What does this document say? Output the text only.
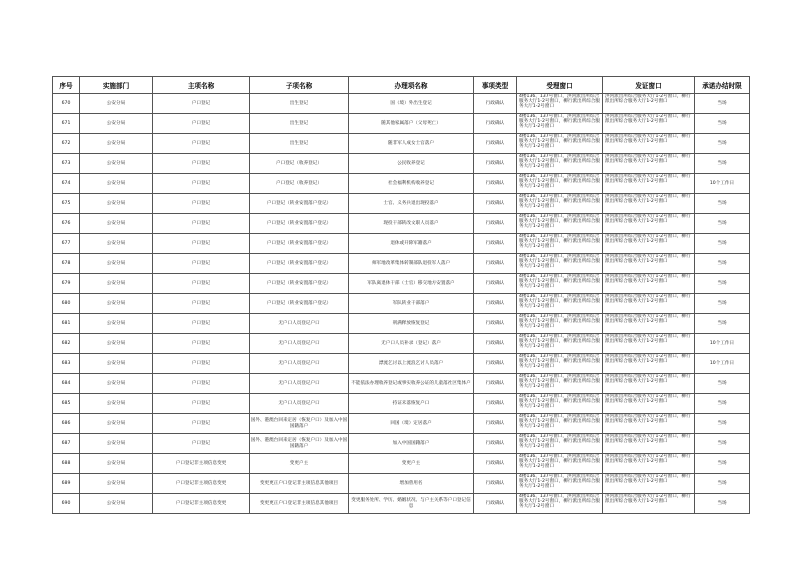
序号	实施部门	主项名称	子项名称	办理项名称	事项类型	受理窗口	发证窗口	承诺办结时限
670	公安分局	户口登记	出生登记	国（境）外出生登记	行政确认	4楼136、137号窗口，洪河派出所综合服务大厅1-2号窗口，柳行派出所综合服务大厅1-2号窗口	洪河派出所综合服务大厅1-2号窗口，柳行派出所综合服务大厅1-2号窗口	当场
671	公安分局	户口登记	出生登记	随其他家属落户（父母死亡）	行政确认	4楼136、137号窗口，洪河派出所综合服务大厅1-2号窗口，柳行派出所综合服务大厅1-2号窗口	洪河派出所综合服务大厅1-2号窗口，柳行派出所综合服务大厅1-2号窗口	当场
672	公安分局	户口登记	出生登记	随非军人成女士官落户	行政确认	4楼136、137号窗口，洪河派出所综合服务大厅1-2号窗口，柳行派出所综合服务大厅1-2号窗口	洪河派出所综合服务大厅1-2号窗口，柳行派出所综合服务大厅1-2号窗口	当场
673	公安分局	户口登记	户口登记（收养登记）	公民收养登记	行政确认	4楼136、137号窗口，洪河派出所综合服务大厅1-2号窗口，柳行派出所综合服务大厅1-2号窗口	洪河派出所综合服务大厅1-2号窗口，柳行派出所综合服务大厅1-2号窗口	当场
674	公安分局	户口登记	户口登记（收养登记）	社会福利机构收养登记	行政确认	4楼136、137号窗口，洪河派出所综合服务大厅1-2号窗口，柳行派出所综合服务大厅1-2号窗口	洪河派出所综合服务大厅1-2号窗口，柳行派出所综合服务大厅1-2号窗口	10个工作日
675	公安分局	户口登记	户口登记（转业安置落户登记）	士官、义务兵退出现役落户	行政确认	4楼136、137号窗口，洪河派出所综合服务大厅1-2号窗口，柳行派出所综合服务大厅1-2号窗口	洪河派出所综合服务大厅1-2号窗口，柳行派出所综合服务大厅1-2号窗口	当场
676	公安分局	户口登记	户口登记（转业安置落户登记）	现役干部转改文职人员落户	行政确认	4楼136、137号窗口，洪河派出所综合服务大厅1-2号窗口，柳行派出所综合服务大厅1-2号窗口	洪河派出所综合服务大厅1-2号窗口，柳行派出所综合服务大厅1-2号窗口	当场
677	公安分局	户口登记	户口登记（转业安置落户登记）	退休或开除军籍落户	行政确认	4楼136、137号窗口，洪河派出所综合服务大厅1-2号窗口，柳行派出所综合服务大厅1-2号窗口	洪河派出所综合服务大厅1-2号窗口，柳行派出所综合服务大厅1-2号窗口	当场
678	公安分局	户口登记	户口登记（转业安置落户登记）	师军地改革集体转制部队退役军人落户	行政确认	4楼136、137号窗口，洪河派出所综合服务大厅1-2号窗口，柳行派出所综合服务大厅1-2号窗口	洪河派出所综合服务大厅1-2号窗口，柳行派出所综合服务大厅1-2号窗口	当场
679	公安分局	户口登记	户口登记（转业安置落户登记）	军队离退休干部（士官）移交地方安置落户	行政确认	4楼136、137号窗口，洪河派出所综合服务大厅1-2号窗口，柳行派出所综合服务大厅1-2号窗口	洪河派出所综合服务大厅1-2号窗口，柳行派出所综合服务大厅1-2号窗口	当场
680	公安分局	户口登记	户口登记（转业安置落户登记）	军队转业干部落户	行政确认	4楼136、137号窗口，洪河派出所综合服务大厅1-2号窗口，柳行派出所综合服务大厅1-2号窗口	洪河派出所综合服务大厅1-2号窗口，柳行派出所综合服务大厅1-2号窗口	当场
681	公安分局	户口登记	无户口人员登记户口	刑满释放恢复登记	行政确认	4楼136、137号窗口，洪河派出所综合服务大厅1-2号窗口，柳行派出所综合服务大厅1-2号窗口	洪河派出所综合服务大厅1-2号窗口，柳行派出所综合服务大厅1-2号窗口	当场
682	公安分局	户口登记	无户口人员登记户口	无户口人员补录（登记）落户	行政确认	4楼136、137号窗口，洪河派出所综合服务大厅1-2号窗口，柳行派出所综合服务大厅1-2号窗口	洪河派出所综合服务大厅1-2号窗口，柳行派出所综合服务大厅1-2号窗口	10个工作日
683	公安分局	户口登记	无户口人员登记户口	漂流乞讨以上流浪乞讨人员落户	行政确认	4楼136、137号窗口，洪河派出所综合服务大厅1-2号窗口，柳行派出所综合服务大厅1-2号窗口	洪河派出所综合服务大厅1-2号窗口，柳行派出所综合服务大厅1-2号窗口	10个工作日
684	公安分局	户口登记	无户口人员登记户口	不能依法办理收养登记或事实收养公证的儿童落社区集体户	行政确认	4楼136、137号窗口，洪河派出所综合服务大厅1-2号窗口，柳行派出所综合服务大厅1-2号窗口	洪河派出所综合服务大厅1-2号窗口，柳行派出所综合服务大厅1-2号窗口	当场
685	公安分局	户口登记	无户口人员登记户口	持证未落恢复户口	行政确认	4楼136、137号窗口，洪河派出所综合服务大厅1-2号窗口，柳行派出所综合服务大厅1-2号窗口	洪河派出所综合服务大厅1-2号窗口，柳行派出所综合服务大厅1-2号窗口	当场
686	公安分局	户口登记	国外、港澳台回来定居（恢复户口）及加入中国国籍落户	回国（境）定居落户	行政确认	4楼136、137号窗口，洪河派出所综合服务大厅1-2号窗口，柳行派出所综合服务大厅1-2号窗口	洪河派出所综合服务大厅1-2号窗口，柳行派出所综合服务大厅1-2号窗口	当场
687	公安分局	户口登记	国外、港澳台回来定居（恢复户口）及加入中国国籍落户	加入中国国籍落户	行政确认	4楼136、137号窗口，洪河派出所综合服务大厅1-2号窗口，柳行派出所综合服务大厅1-2号窗口	洪河派出所综合服务大厅1-2号窗口，柳行派出所综合服务大厅1-2号窗口	当场
688	公安分局	户口登记非主项信息变更	变更户主	变更户主	行政确认	4楼136、137号窗口，洪河派出所综合服务大厅1-2号窗口，柳行派出所综合服务大厅1-2号窗口	洪河派出所综合服务大厅1-2号窗口，柳行派出所综合服务大厅1-2号窗口	当场
689	公安分局	户口登记非主项信息变更	变更更正户口登记非主项信息其他项目	增加曾用名	行政确认	4楼136、137号窗口，洪河派出所综合服务大厅1-2号窗口，柳行派出所综合服务大厅1-2号窗口	洪河派出所综合服务大厅1-2号窗口，柳行派出所综合服务大厅1-2号窗口	当场
690	公安分局	户口登记非主项信息变更	变更更正户口登记非主项信息其他项目	变更服务处所、学历、婚姻状况、与户主关系等户口登记信息	行政确认	4楼136、137号窗口，洪河派出所综合服务大厅1-2号窗口，柳行派出所综合服务大厅1-2号窗口	洪河派出所综合服务大厅1-2号窗口，柳行派出所综合服务大厅1-2号窗口	当场
